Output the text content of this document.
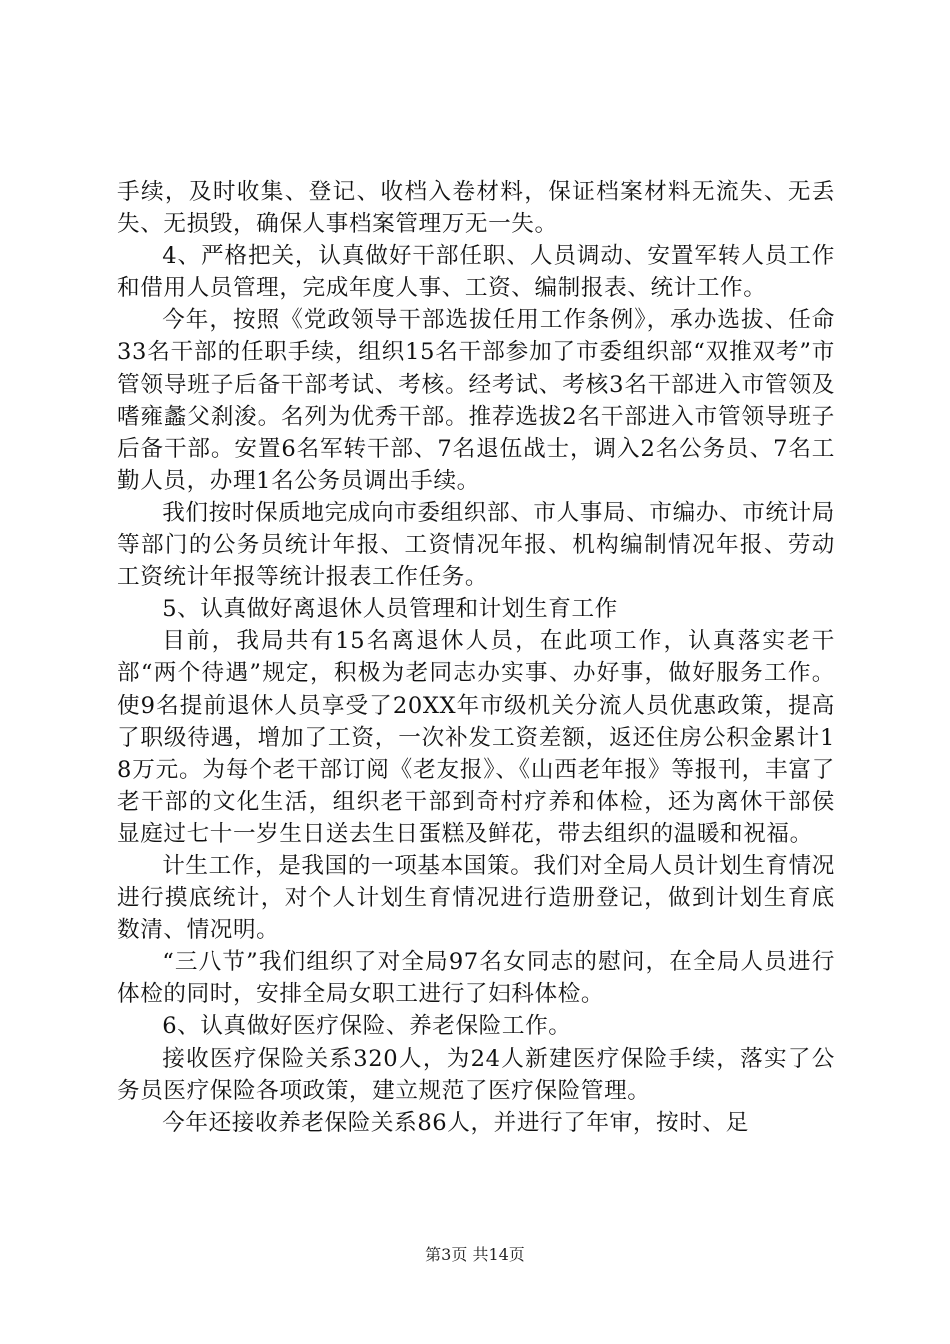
手续，及时收集、登记、收档入卷材料，保证档案材料无流失、无丢失、无损毁，确保人事档案管理万无一失。

4、严格把关，认真做好干部任职、人员调动、安置军转人员工作和借用人员管理，完成年度人事、工资、编制报表、统计工作。

今年，按照《党政领导干部选拔任用工作条例》，承办选拔、任命33名干部的任职手续，组织15名干部参加了市委组织部“双推双考”市管领导班子后备干部考试、考核。经考试、考核3名干部进入市管领及嗜雍蠡父刹浚。名列为优秀干部。推荐选拔2名干部进入市管领导班子后备干部。安置6名军转干部、7名退伍战士，调入2名公务员、7名工勤人员，办理1名公务员调出手续。

我们按时保质地完成向市委组织部、市人事局、市编办、市统计局等部门的公务员统计年报、工资情况年报、机构编制情况年报、劳动工资统计年报等统计报表工作任务。

5、认真做好离退休人员管理和计划生育工作

目前，我局共有15名离退休人员，在此项工作，认真落实老干部“两个待遇”规定，积极为老同志办实事、办好事，做好服务工作。使9名提前退休人员享受了20XX年市级机关分流人员优惠政策，提高了职级待遇，增加了工资，一次补发工资差额，返还住房公积金累计18万元。为每个老干部订阅《老友报》、《山西老年报》等报刊，丰富了老干部的文化生活，组织老干部到奇村疗养和体检，还为离休干部侯显庭过七十一岁生日送去生日蛋糕及鲜花，带去组织的温暖和祝福。

计生工作，是我国的一项基本国策。我们对全局人员计划生育情况进行摸底统计，对个人计划生育情况进行造册登记，做到计划生育底数清、情况明。

“三八节”我们组织了对全局97名女同志的慰问，在全局人员进行体检的同时，安排全局女职工进行了妇科体检。

6、认真做好医疗保险、养老保险工作。

接收医疗保险关系320人，为24人新建医疗保险手续，落实了公务员医疗保险各项政策，建立规范了医疗保险管理。

今年还接收养老保险关系86人，并进行了年审，按时、足

第3页 共14页
